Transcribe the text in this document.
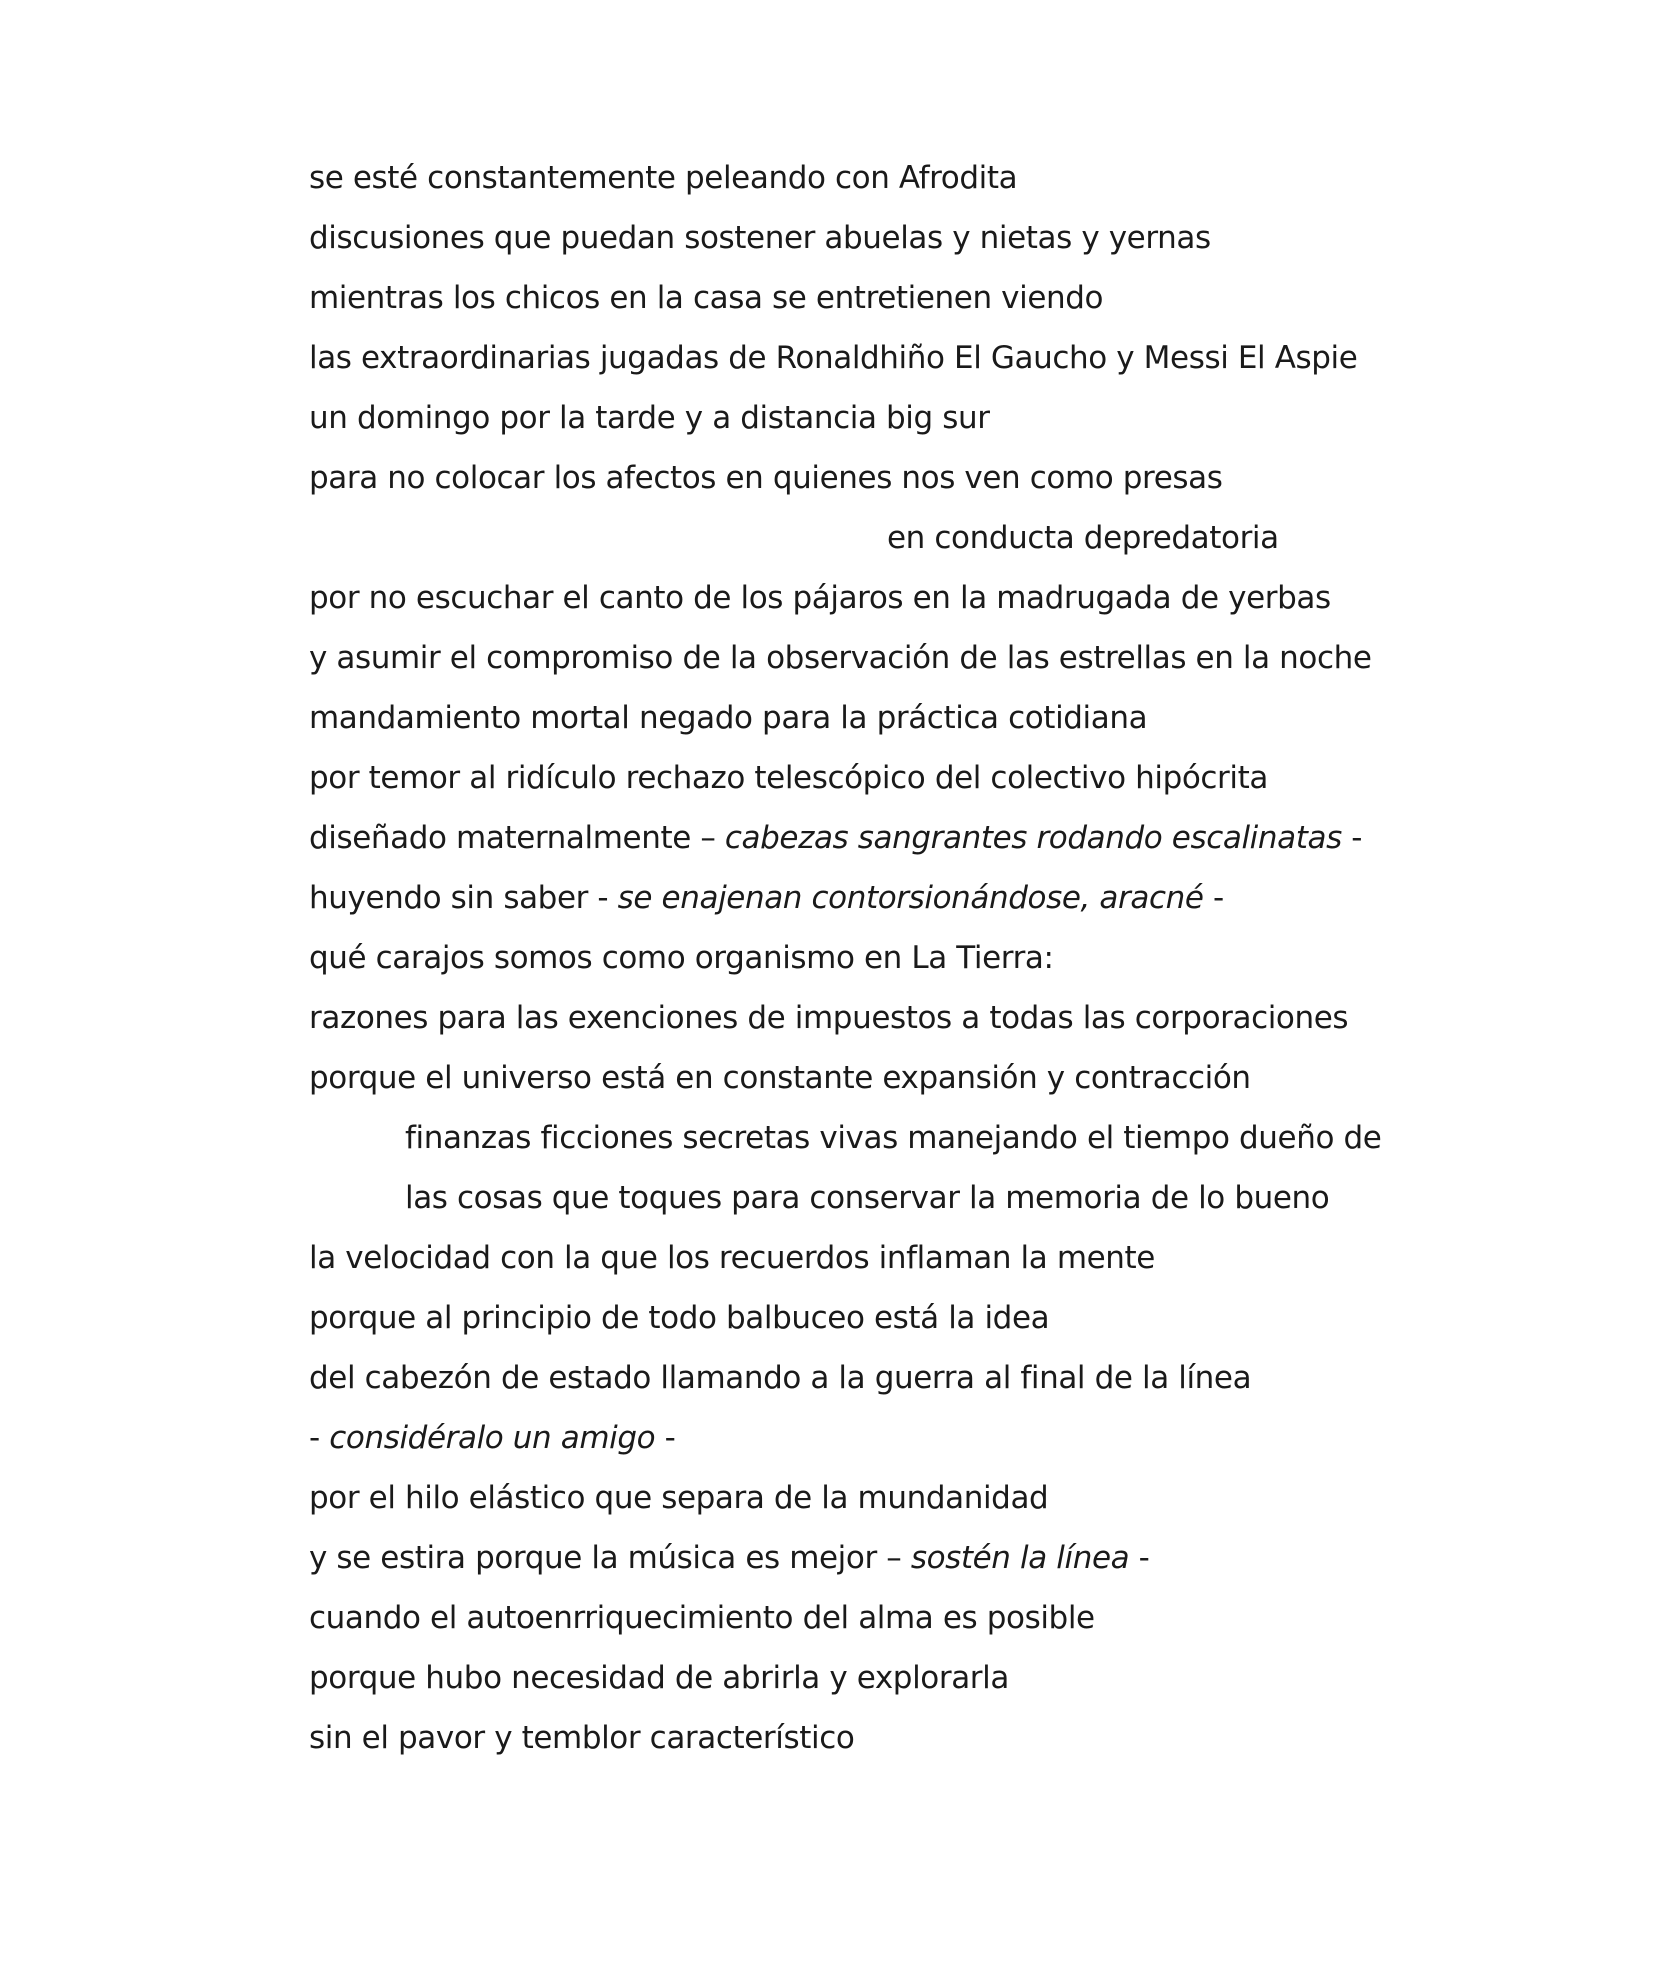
se esté constantemente peleando con Afrodita
discusiones que puedan sostener abuelas y nietas y yernas
mientras los chicos en la casa se entretienen viendo
las extraordinarias jugadas de Ronaldhiño El Gaucho y Messi El Aspie
un domingo por la tarde y a distancia big sur
para no colocar los afectos en quienes nos ven como presas
en conducta depredatoria
por no escuchar el canto de los pájaros en la madrugada de yerbas
y asumir el compromiso de la observación de las estrellas en la noche
mandamiento mortal negado para la práctica cotidiana
por temor al ridículo rechazo telescópico del colectivo hipócrita
diseñado maternalmente – cabezas sangrantes rodando escalinatas -
huyendo sin saber - se enajenan contorsionándose, aracné -
qué carajos somos como organismo en La Tierra:
razones para las exenciones de impuestos a todas las corporaciones
porque el universo está en constante expansión y contracción
finanzas ficciones secretas vivas manejando el tiempo dueño de
las cosas que toques para conservar la memoria de lo bueno
la velocidad con la que los recuerdos inflaman la mente
porque al principio de todo balbuceo está la idea
del cabezón de estado llamando a la guerra al final de la línea
- considéralo un amigo -
por el hilo elástico que separa de la mundanidad
y se estira porque la música es mejor – sostén la línea -
cuando el autoenrriquecimiento del alma es posible
porque hubo necesidad de abrirla y explorarla
sin el pavor y temblor característico
